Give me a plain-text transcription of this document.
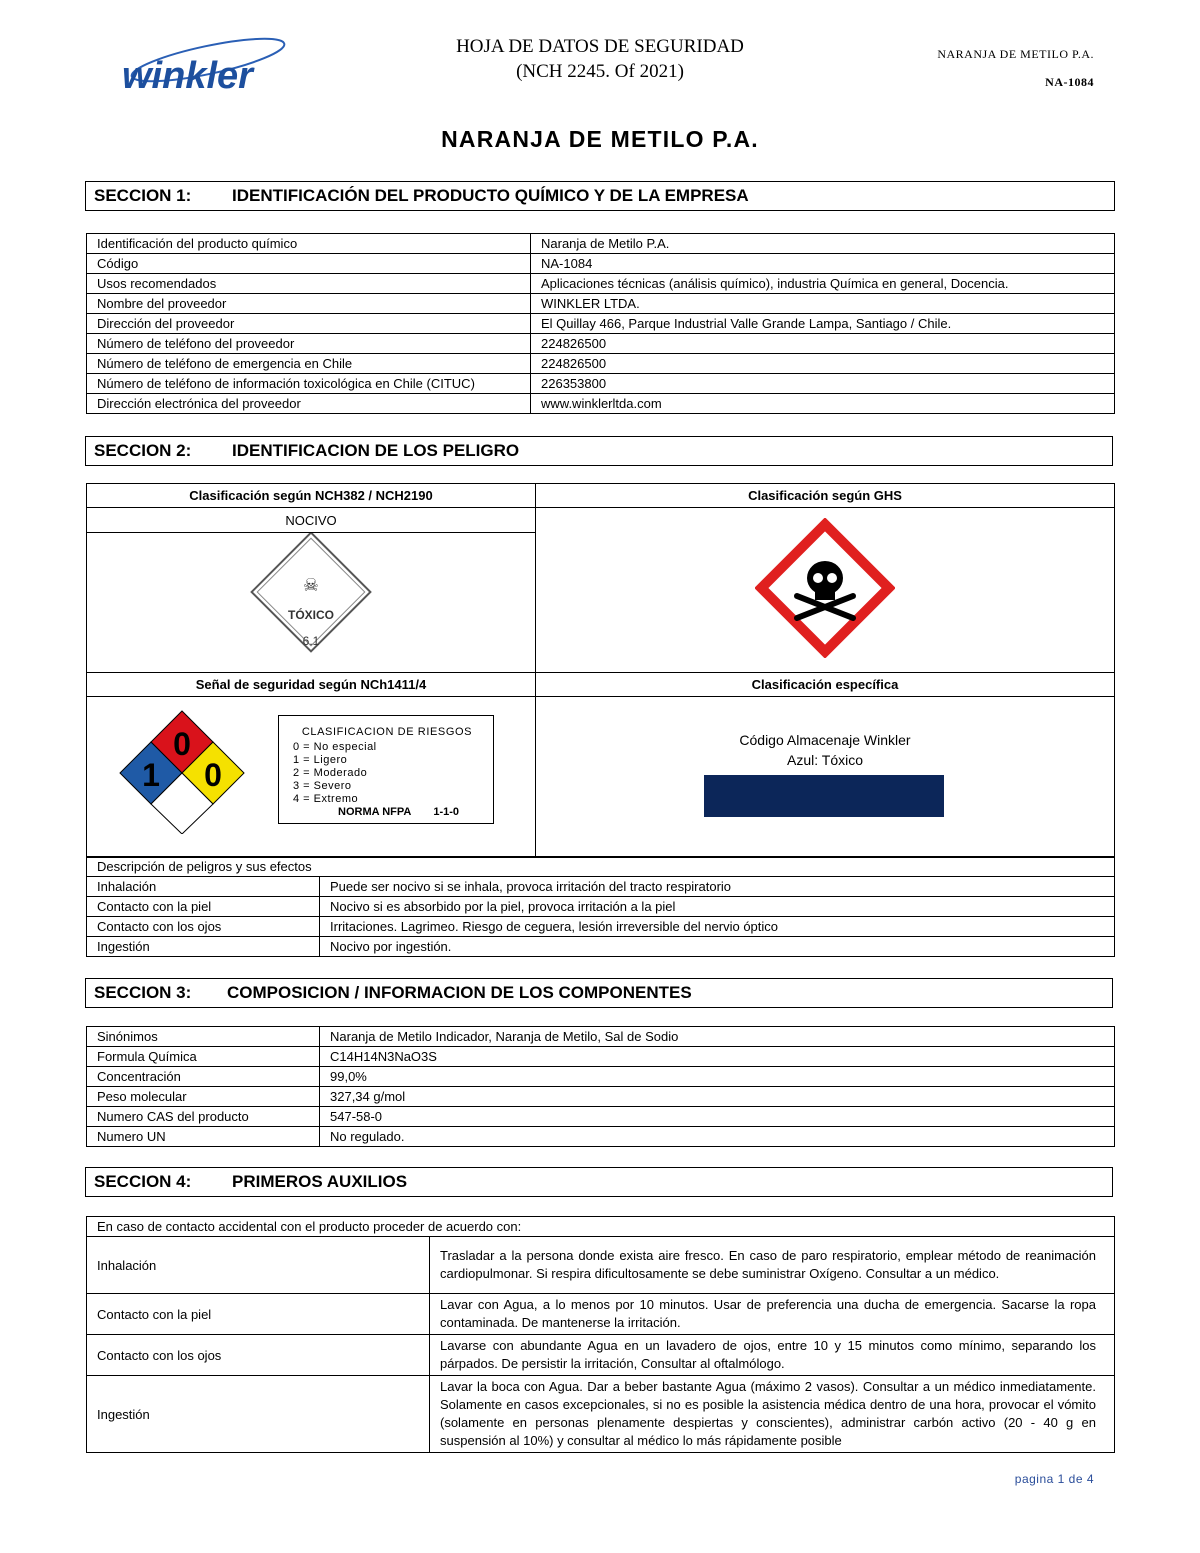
winkler
HOJA DE DATOS DE SEGURIDAD
(NCH 2245. Of 2021)
NARANJA DE METILO P.A.
NA-1084
NARANJA DE METILO P.A.
SECCION 1: IDENTIFICACIÓN DEL PRODUCTO QUÍMICO Y DE LA EMPRESA
Identificación del producto químico	Naranja de Metilo P.A.
Código	NA-1084
Usos recomendados	Aplicaciones técnicas (análisis químico), industria Química en general, Docencia.
Nombre del proveedor	WINKLER LTDA.
Dirección del proveedor	El Quillay 466, Parque Industrial Valle Grande Lampa, Santiago / Chile.
Número de teléfono del proveedor	224826500
Número de teléfono de emergencia en Chile	224826500
Número de teléfono de información toxicológica en Chile (CITUC)	226353800
Dirección electrónica del proveedor	www.winklerltda.com
SECCION 2: IDENTIFICACION DE LOS PELIGRO
Clasificación según NCH382 / NCH2190	Clasificación según GHS
NOCIVO	

☠
TÓXICO
6.1	

Señal de seguridad según NCh1411/4	Clasificación específica

0
1 0
CLASIFICACION DE RIESGOS
0 = No especial
1 = Ligero
2 = Moderado
3 = Severo
4 = Extremo
NORMA NFPA 1-1-0
Código Almacenaje Winkler
Azul: Tóxico
Descripción de peligros y sus efectos	
Inhalación	Puede ser nocivo si se inhala, provoca irritación del tracto respiratorio
Contacto con la piel	Nocivo si es absorbido por la piel, provoca irritación a la piel
Contacto con los ojos	Irritaciones. Lagrimeo. Riesgo de ceguera, lesión irreversible del nervio óptico
Ingestión	Nocivo por ingestión.
SECCION 3: COMPOSICION / INFORMACION DE LOS COMPONENTES
Sinónimos	Naranja de Metilo Indicador, Naranja de Metilo, Sal de Sodio
Formula Química	C14H14N3NaO3S
Concentración	99,0%
Peso molecular	327,34 g/mol
Numero CAS del producto	547-58-0
Numero UN	No regulado.
SECCION 4: PRIMEROS AUXILIOS
En caso de contacto accidental con el producto proceder de acuerdo con:	
Inhalación	Trasladar a la persona donde exista aire fresco. En caso de paro respiratorio, emplear método de reanimación cardiopulmonar. Si respira dificultosamente se debe suministrar Oxígeno. Consultar a un médico.
Contacto con la piel	Lavar con Agua, a lo menos por 10 minutos. Usar de preferencia una ducha de emergencia. Sacarse la ropa contaminada. De mantenerse la irritación.
Contacto con los ojos	Lavarse con abundante Agua en un lavadero de ojos, entre 10 y 15 minutos como mínimo, separando los párpados. De persistir la irritación, Consultar al oftalmólogo.
Ingestión	Lavar la boca con Agua. Dar a beber bastante Agua (máximo 2 vasos). Consultar a un médico inmediatamente. Solamente en casos excepcionales, si no es posible la asistencia médica dentro de una hora, provocar el vómito (solamente en personas plenamente despiertas y conscientes), administrar carbón activo (20 - 40 g en suspensión al 10%) y consultar al médico lo más rápidamente posible
pagina 1 de 4
